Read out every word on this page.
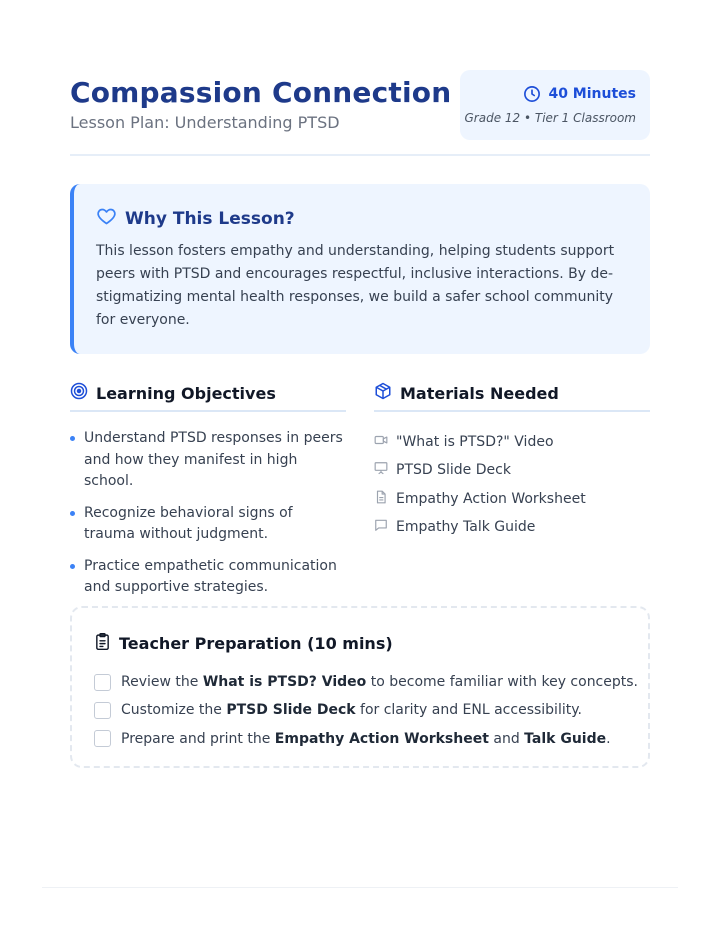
Compassion Connection
Lesson Plan: Understanding PTSD
40 Minutes
Grade 12 • Tier 1 Classroom
Why This Lesson?

This lesson fosters empathy and understanding, helping students support peers with PTSD and encourages respectful, inclusive interactions. By de-stigmatizing mental health responses, we build a safer school community for everyone.

Learning Objectives
Understand PTSD responses in peers and how they manifest in high school.
Recognize behavioral signs of trauma without judgment.
Practice empathetic communication and supportive strategies.
Materials Needed
"What is PTSD?" Video
PTSD Slide Deck
Empathy Action Worksheet
Empathy Talk Guide
Teacher Preparation (10 mins)
Review the What is PTSD? Video to become familiar with key concepts.
Customize the PTSD Slide Deck for clarity and ENL accessibility.
Prepare and print the Empathy Action Worksheet and Talk Guide.
